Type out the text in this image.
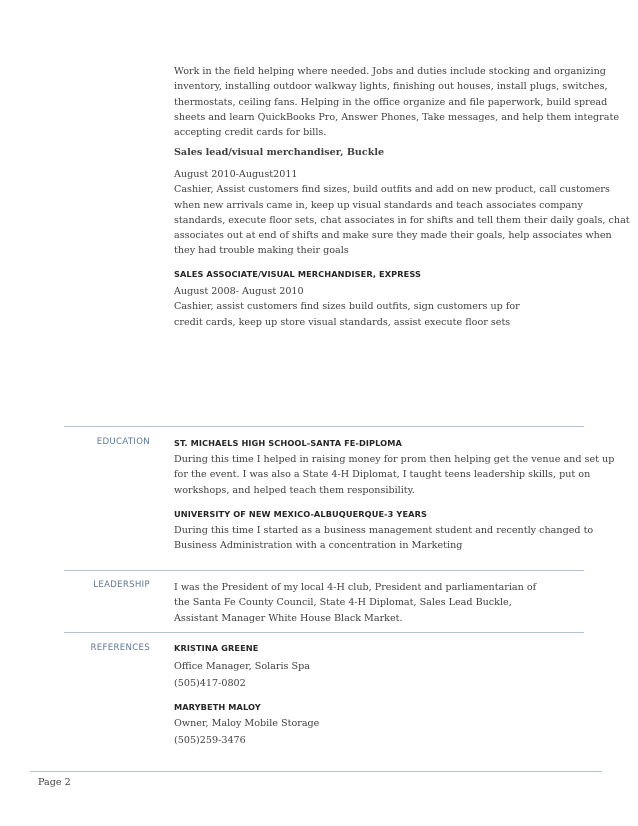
Work in the field helping where needed. Jobs and duties include stocking and organizing
inventory, installing outdoor walkway lights, finishing out houses, install plugs, switches,
thermostats, ceiling fans. Helping in the office organize and file paperwork, build spread
sheets and learn QuickBooks Pro, Answer Phones, Take messages, and help them integrate
accepting credit cards for bills.
Sales lead/visual merchandiser, Buckle
August 2010-August2011
Cashier, Assist customers find sizes, build outfits and add on new product, call customers
when new arrivals came in, keep up visual standards and teach associates company
standards, execute floor sets, chat associates in for shifts and tell them their daily goals, chat
associates out at end of shifts and make sure they made their goals, help associates when
they had trouble making their goals
SALES ASSOCIATE/VISUAL MERCHANDISER, EXPRESS
August 2008- August 2010
Cashier, assist customers find sizes build outfits, sign customers up for
credit cards, keep up store visual standards, assist execute floor sets
EDUCATION	ST. MICHAELS HIGH SCHOOL-SANTA FE-DIPLOMA
During this time I helped in raising money for prom then helping get the venue and set up
for the event. I was also a State 4-H Diplomat, I taught teens leadership skills, put on
workshops, and helped teach them responsibility.
UNIVERSITY OF NEW MEXICO-ALBUQUERQUE-3 YEARS
During this time I started as a business management student and recently changed to
Business Administration with a concentration in Marketing
LEADERSHIP	I was the President of my local 4-H club, President and parliamentarian of
the Santa Fe County Council, State 4-H Diplomat, Sales Lead Buckle,
Assistant Manager White House Black Market.
REFERENCES	KRISTINA GREENE
Office Manager, Solaris Spa
(505)417-0802
MARYBETH MALOY
Owner, Maloy Mobile Storage
(505)259-3476
Page 2
